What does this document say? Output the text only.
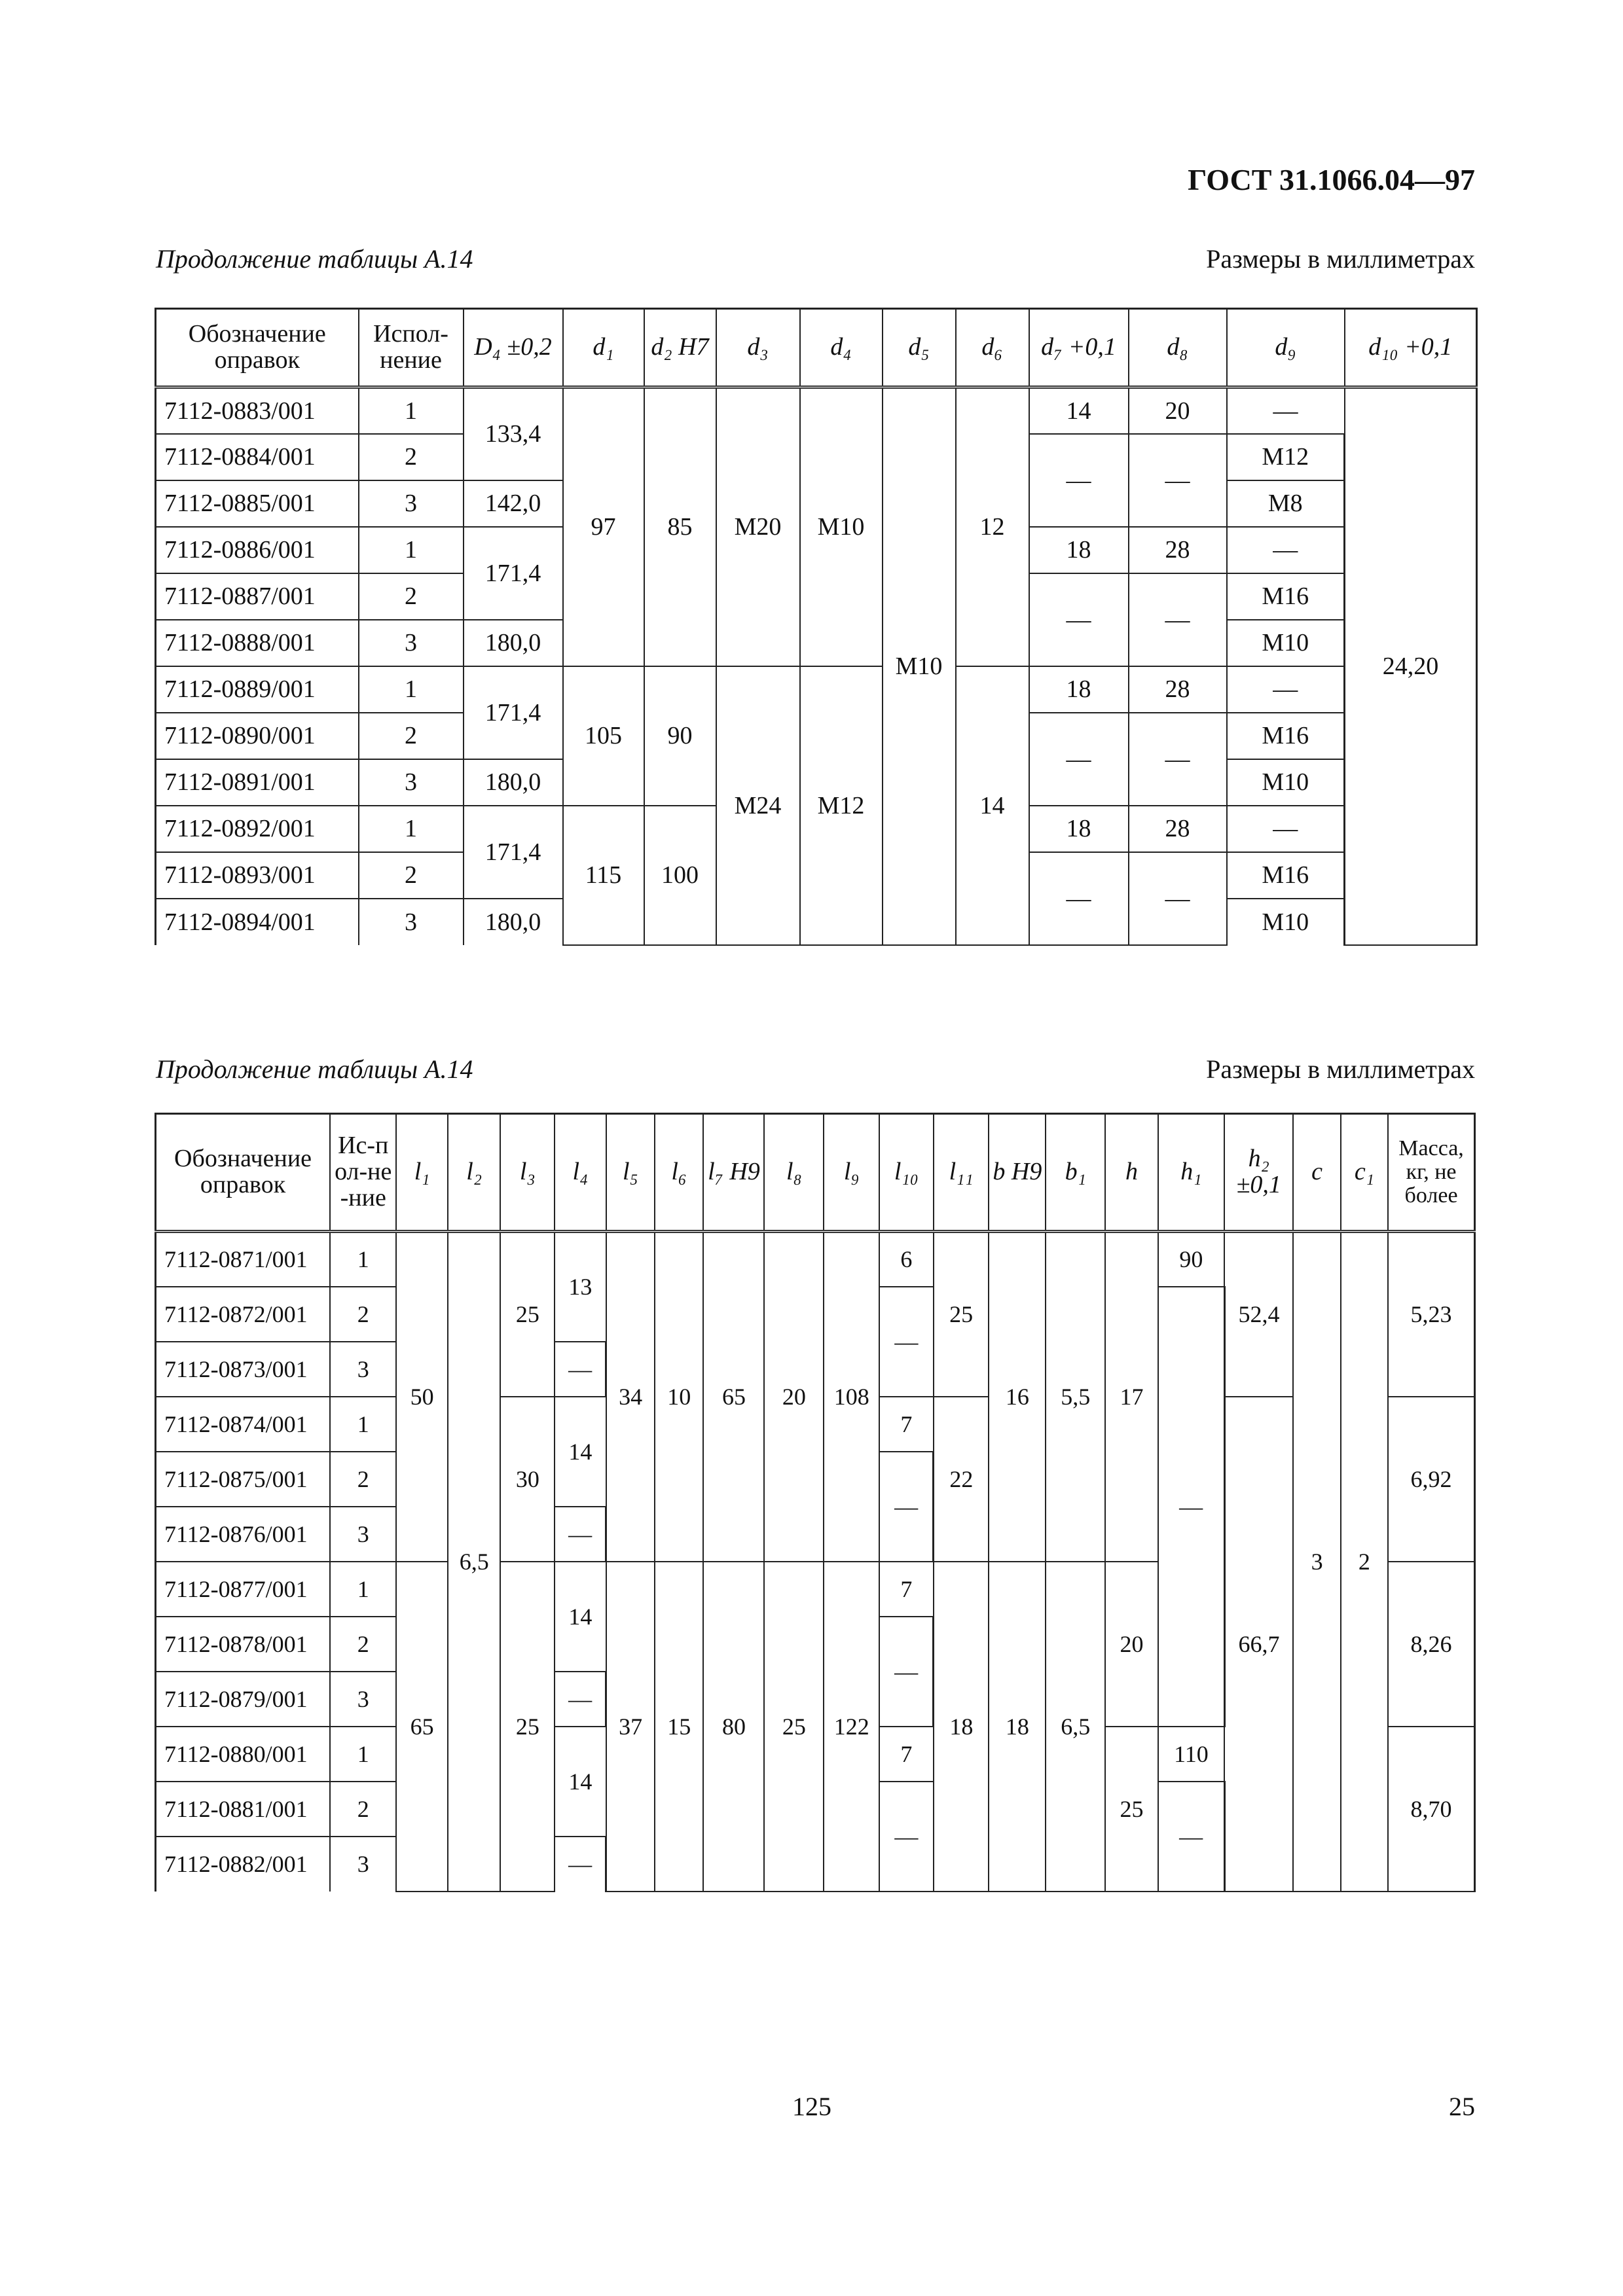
ГОСТ 31.1066.04—97
Продолжение таблицы А.14	Размеры в миллиметрах
Обозначение оправок	Испол-нение	D₄ ±0,2	d₁	d₂ H7	d₃	d₄	d₅	d₆	d₇ +0,1	d₈	d₉	d₁₀ +0,1
7112-0883/001	1	133,4	97	85	M20	M10	M10	12	14	20	—	24,20
7112-0884/001	2								—	—	M12	
7112-0885/001	3	142,0									M8	
7112-0886/001	1	171,4							18	28	—	
7112-0887/001	2								—	—	M16	
7112-0888/001	3	180,0									M10	
7112-0889/001	1	171,4	105	90	M24	M12		14	18	28	—	
7112-0890/001	2								—	—	M16	
7112-0891/001	3	180,0									M10	
7112-0892/001	1	171,4	115	100					18	28	—	
7112-0893/001	2								—	—	M16	
7112-0894/001	3	180,0									M10	
Продолжение таблицы А.14	Размеры в миллиметрах
Обозначение оправок	Ис-пол-не-ние	l₁	l₂	l₃	l₄	l₅	l₆	l₇ H9	l₈	l₉	l₁₀	l₁₁	b H9	b₁	h	h₁	h₂ ±0,1	c	c₁	Масса, кг, не более
7112-0871/001	1	50	6,5	25	13	34	10	65	20	108	6	25	16	5,5	17	90	52,4	3	2	5,23
7112-0872/001	2										—					—				
7112-0873/001	3				—															
7112-0874/001	1			30	14						7	22					66,7			6,92
7112-0875/001	2										—									
7112-0876/001	3				—															
7112-0877/001	1	65		25	14	37	15	80	25	122	7	18	18	6,5	20					8,26
7112-0878/001	2										—									
7112-0879/001	3				—															
7112-0880/001	1				14						7				25	110				8,70
7112-0881/001	2										—					—				
7112-0882/001	3				—															
125	25
